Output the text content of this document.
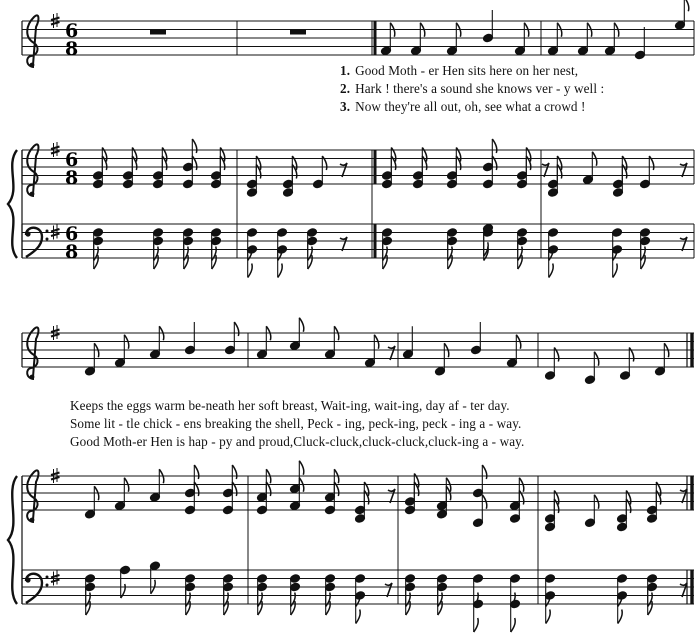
6
8
6
8
6
8
1. Good Moth - er Hen sits here on her nest,
2. Hark ! there's a sound she knows ver - y well :
3. Now they're all out, oh, see what a crowd !
Keeps the eggs warm be-neath her soft breast, Wait-ing, wait-ing, day af - ter day.
Some lit - tle chick - ens breaking the shell, Peck - ing, peck-ing, peck - ing a - way.
Good Moth-er Hen is hap - py and proud,Cluck-cluck,cluck-cluck,cluck-ing a - way.
